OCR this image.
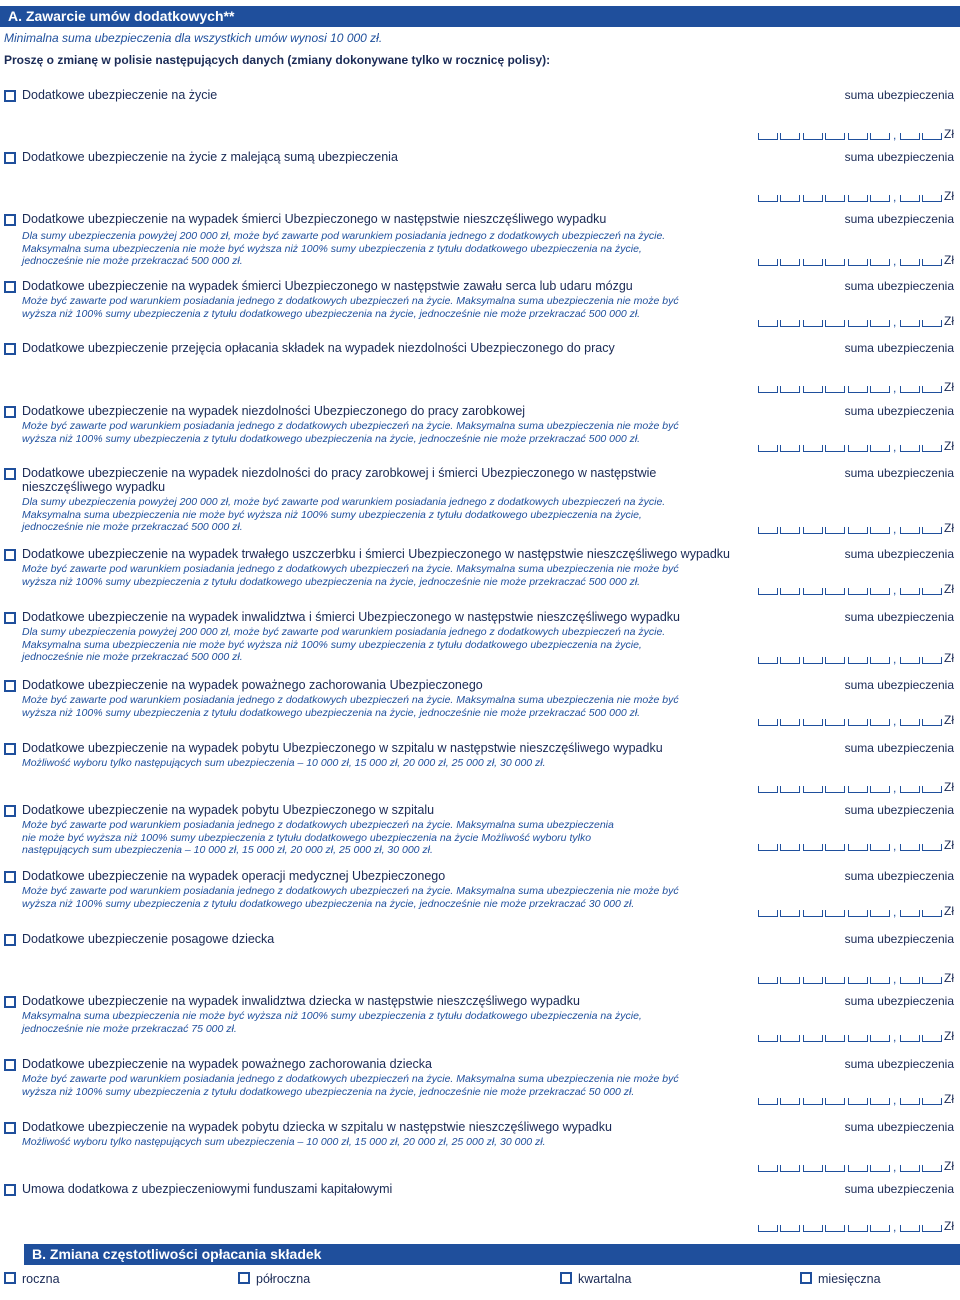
A. Zawarcie umów dodatkowych**
Minimalna suma ubezpieczenia dla wszystkich umów wynosi 10 000 zł.
Proszę o zmianę w polisie następujących danych (zmiany dokonywane tylko w rocznicę polisy):
Dodatkowe ubezpieczenie na życie	suma ubezpieczenia
,	Zł
Dodatkowe ubezpieczenie na życie z malejącą sumą ubezpieczenia	suma ubezpieczenia
,	Zł
Dodatkowe ubezpieczenie na wypadek śmierci Ubezpieczonego w następstwie nieszczęśliwego wypadku
Dla sumy ubezpieczenia powyżej 200 000 zł, może być zawarte pod warunkiem posiadania jednego z dodatkowych ubezpieczeń na życie.
Maksymalna suma ubezpieczenia nie może być wyższa niż 100% sumy ubezpieczenia z tytułu dodatkowego ubezpieczenia na życie,
jednocześnie nie może przekraczać 500 000 zł.
suma ubezpieczenia
,	Zł
Dodatkowe ubezpieczenie na wypadek śmierci Ubezpieczonego w następstwie zawału serca lub udaru mózgu
Może być zawarte pod warunkiem posiadania jednego z dodatkowych ubezpieczeń na życie. Maksymalna suma ubezpieczenia nie może być
wyższa niż 100% sumy ubezpieczenia z tytułu dodatkowego ubezpieczenia na życie, jednocześnie nie może przekraczać 500 000 zł.
suma ubezpieczenia
,	Zł
Dodatkowe ubezpieczenie przejęcia opłacania składek na wypadek niezdolności Ubezpieczonego do pracy	suma ubezpieczenia
,	Zł
Dodatkowe ubezpieczenie na wypadek niezdolności Ubezpieczonego do pracy zarobkowej
Może być zawarte pod warunkiem posiadania jednego z dodatkowych ubezpieczeń na życie. Maksymalna suma ubezpieczenia nie może być
wyższa niż 100% sumy ubezpieczenia z tytułu dodatkowego ubezpieczenia na życie, jednocześnie nie może przekraczać 500 000 zł.
suma ubezpieczenia
,	Zł
Dodatkowe ubezpieczenie na wypadek niezdolności do pracy zarobkowej i śmierci Ubezpieczonego w następstwie
nieszczęśliwego wypadku
Dla sumy ubezpieczenia powyżej 200 000 zł, może być zawarte pod warunkiem posiadania jednego z dodatkowych ubezpieczeń na życie.
Maksymalna suma ubezpieczenia nie może być wyższa niż 100% sumy ubezpieczenia z tytułu dodatkowego ubezpieczenia na życie,
jednocześnie nie może przekraczać 500 000 zł.
suma ubezpieczenia
,	Zł
Dodatkowe ubezpieczenie na wypadek trwałego uszczerbku i śmierci Ubezpieczonego w następstwie nieszczęśliwego wypadku
Może być zawarte pod warunkiem posiadania jednego z dodatkowych ubezpieczeń na życie. Maksymalna suma ubezpieczenia nie może być
wyższa niż 100% sumy ubezpieczenia z tytułu dodatkowego ubezpieczenia na życie, jednocześnie nie może przekraczać 500 000 zł.
suma ubezpieczenia
,	Zł
Dodatkowe ubezpieczenie na wypadek inwalidztwa i śmierci Ubezpieczonego w następstwie nieszczęśliwego wypadku
Dla sumy ubezpieczenia powyżej 200 000 zł, może być zawarte pod warunkiem posiadania jednego z dodatkowych ubezpieczeń na życie.
Maksymalna suma ubezpieczenia nie może być wyższa niż 100% sumy ubezpieczenia z tytułu dodatkowego ubezpieczenia na życie,
jednocześnie nie może przekraczać 500 000 zł.
suma ubezpieczenia
,	Zł
Dodatkowe ubezpieczenie na wypadek poważnego zachorowania Ubezpieczonego
Może być zawarte pod warunkiem posiadania jednego z dodatkowych ubezpieczeń na życie. Maksymalna suma ubezpieczenia nie może być
wyższa niż 100% sumy ubezpieczenia z tytułu dodatkowego ubezpieczenia na życie, jednocześnie nie może przekraczać 500 000 zł.
suma ubezpieczenia
,	Zł
Dodatkowe ubezpieczenie na wypadek pobytu Ubezpieczonego w szpitalu w następstwie nieszczęśliwego wypadku
Możliwość wyboru tylko następujących sum ubezpieczenia – 10 000 zł, 15 000 zł, 20 000 zł, 25 000 zł, 30 000 zł.
suma ubezpieczenia
,	Zł
Dodatkowe ubezpieczenie na wypadek pobytu Ubezpieczonego w szpitalu
Może być zawarte pod warunkiem posiadania jednego z dodatkowych ubezpieczeń na życie. Maksymalna suma ubezpieczenia
nie może być wyższa niż 100% sumy ubezpieczenia z tytułu dodatkowego ubezpieczenia na życie Możliwość wyboru tylko
następujących sum ubezpieczenia – 10 000 zł, 15 000 zł, 20 000 zł, 25 000 zł, 30 000 zł.
suma ubezpieczenia
,	Zł
Dodatkowe ubezpieczenie na wypadek operacji medycznej Ubezpieczonego
Może być zawarte pod warunkiem posiadania jednego z dodatkowych ubezpieczeń na życie. Maksymalna suma ubezpieczenia nie może być
wyższa niż 100% sumy ubezpieczenia z tytułu dodatkowego ubezpieczenia na życie, jednocześnie nie może przekraczać 30 000 zł.
suma ubezpieczenia
,	Zł
Dodatkowe ubezpieczenie posagowe dziecka	suma ubezpieczenia
,	Zł
Dodatkowe ubezpieczenie na wypadek inwalidztwa dziecka w następstwie nieszczęśliwego wypadku
Maksymalna suma ubezpieczenia nie może być wyższa niż 100% sumy ubezpieczenia z tytułu dodatkowego ubezpieczenia na życie,
jednocześnie nie może przekraczać 75 000 zł.
suma ubezpieczenia
,	Zł
Dodatkowe ubezpieczenie na wypadek poważnego zachorowania dziecka
Może być zawarte pod warunkiem posiadania jednego z dodatkowych ubezpieczeń na życie. Maksymalna suma ubezpieczenia nie może być
wyższa niż 100% sumy ubezpieczenia z tytułu dodatkowego ubezpieczenia na życie, jednocześnie nie może przekraczać 50 000 zł.
suma ubezpieczenia
,	Zł
Dodatkowe ubezpieczenie na wypadek pobytu dziecka w szpitalu w następstwie nieszczęśliwego wypadku
Możliwość wyboru tylko następujących sum ubezpieczenia – 10 000 zł, 15 000 zł, 20 000 zł, 25 000 zł, 30 000 zł.
suma ubezpieczenia
,	Zł
Umowa dodatkowa z ubezpieczeniowymi funduszami kapitałowymi	suma ubezpieczenia
,	Zł
B. Zmiana częstotliwości opłacania składek
roczna	półroczna	kwartalna	miesięczna
